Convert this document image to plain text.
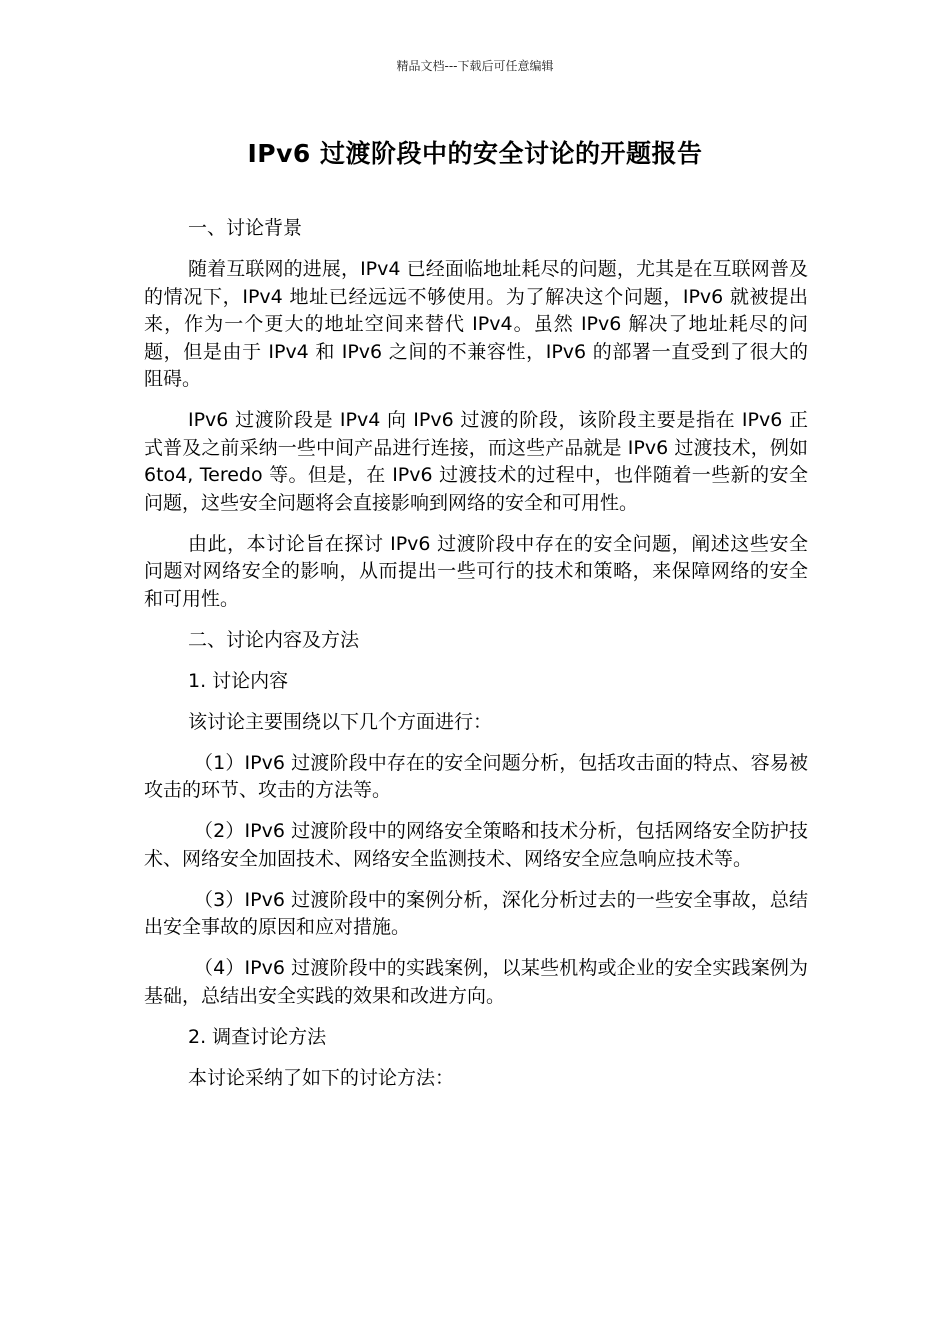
精品文档---下载后可任意编辑
IPv6 过渡阶段中的安全讨论的开题报告

一、讨论背景

随着互联网的进展，IPv4 已经面临地址耗尽的问题，尤其是在互联网普及的情况下，IPv4 地址已经远远不够使用。为了解决这个问题，IPv6 就被提出来，作为一个更大的地址空间来替代 IPv4。虽然 IPv6 解决了地址耗尽的问题，但是由于 IPv4 和 IPv6 之间的不兼容性，IPv6 的部署一直受到了很大的阻碍。

IPv6 过渡阶段是 IPv4 向 IPv6 过渡的阶段，该阶段主要是指在 IPv6 正式普及之前采纳一些中间产品进行连接，而这些产品就是 IPv6 过渡技术，例如 6to4, Teredo 等。但是，在 IPv6 过渡技术的过程中，也伴随着一些新的安全问题，这些安全问题将会直接影响到网络的安全和可用性。

由此，本讨论旨在探讨 IPv6 过渡阶段中存在的安全问题，阐述这些安全问题对网络安全的影响，从而提出一些可行的技术和策略，来保障网络的安全和可用性。

二、讨论内容及方法

1. 讨论内容

该讨论主要围绕以下几个方面进行：

（1）IPv6 过渡阶段中存在的安全问题分析，包括攻击面的特点、容易被攻击的环节、攻击的方法等。

（2）IPv6 过渡阶段中的网络安全策略和技术分析，包括网络安全防护技术、网络安全加固技术、网络安全监测技术、网络安全应急响应技术等。

（3）IPv6 过渡阶段中的案例分析，深化分析过去的一些安全事故，总结出安全事故的原因和应对措施。

（4）IPv6 过渡阶段中的实践案例，以某些机构或企业的安全实践案例为基础，总结出安全实践的效果和改进方向。

2. 调查讨论方法

本讨论采纳了如下的讨论方法：
